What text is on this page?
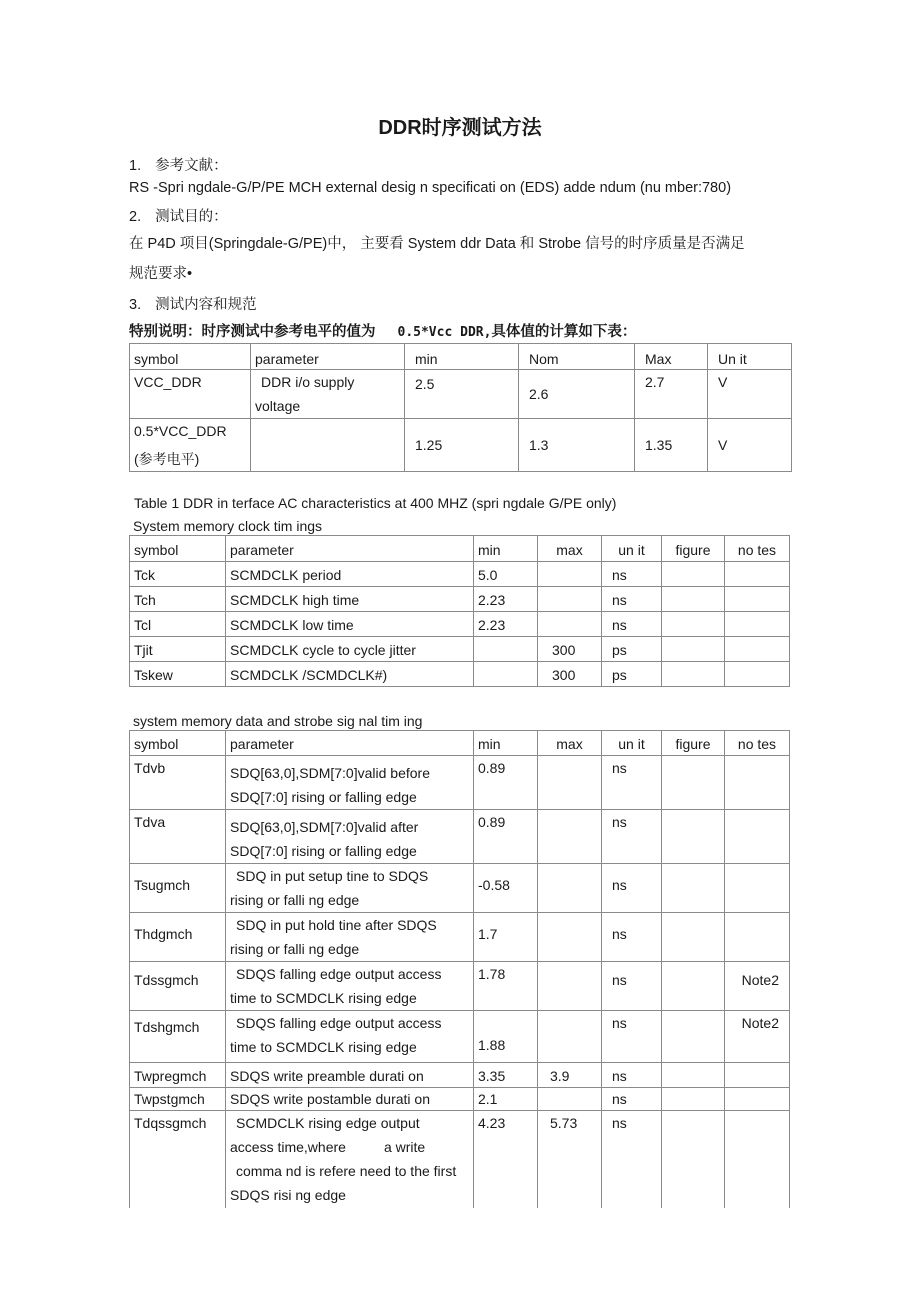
DDR时序测试方法
1. 参考文献：
RS -Spri ngdale-G/P/PE MCH external desig n specificati on (EDS) adde ndum (nu mber:780)
2. 测试目的：
在 P4D 项目(Springdale-G/PE)中， 主要看 System ddr Data 和 Strobe 信号的时序质量是否满足
规范要求•
3. 测试内容和规范
特别说明：时序测试中参考电平的值为 0.5*Vcc DDR,具体值的计算如下表：
symbol	parameter	min	Nom	Max	Un it
VCC_DDR	DDR i/o supply
voltage	2.5	2.6	2.7	V

0.5*VCC_DDR
(参考电平)		1.25	1.3	1.35	V
Table 1 DDR in terface AC characteristics at 400 MHZ (spri ngdale G/PE only)
System memory clock tim ings
symbol	parameter	min	max	un it	figure	no tes
Tck	SCMDCLK period	5.0		ns		
Tch	SCMDCLK high time	2.23		ns		
Tcl	SCMDCLK low time	2.23		ns		
Tjit	SCMDCLK cycle to cycle jitter		300	ps		
Tskew	SCMDCLK /SCMDCLK#)		300	ps		
system memory data and strobe sig nal tim ing
symbol	parameter	min	max	un it	figure	no tes
Tdvb	SDQ[63,0],SDM[7:0]valid before
SDQ[7:0] rising or falling edge	0.89		ns		
Tdva	SDQ[63,0],SDM[7:0]valid after
SDQ[7:0] rising or falling edge	0.89		ns		
Tsugmch	SDQ in put setup tine to SDQS
rising or falli ng edge	-0.58		ns		
Thdgmch	SDQ in put hold tine after SDQS
rising or falli ng edge	1.7		ns		
Tdssgmch	SDQS falling edge output access
time to SCMDCLK rising edge	1.78		ns		Note2
Tdshgmch	SDQS falling edge output access
time to SCMDCLK rising edge	1.88		ns		Note2
Twpregmch	SDQS write preamble durati on	3.35	3.9	ns		
Twpstgmch	SDQS write postamble durati on	2.1		ns		
Tdqssgmch	SCMDCLK rising edge output
access time,where a write
comma nd is refere need to the first
SDQS risi ng edge	4.23	5.73	ns		
